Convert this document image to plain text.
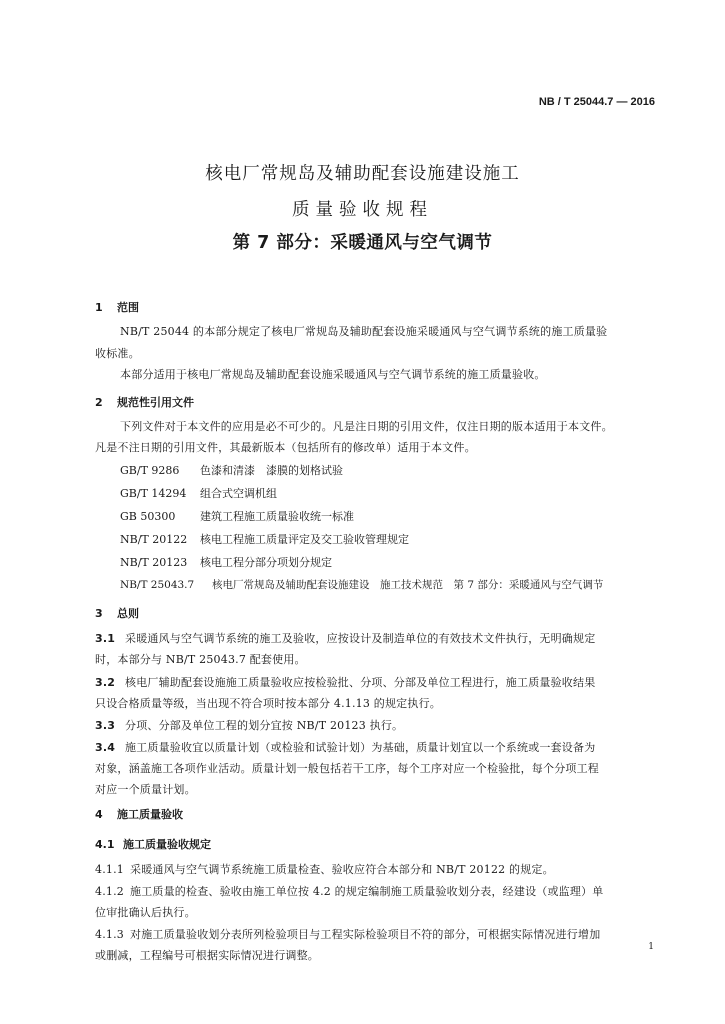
NB / T 25044.7 — 2016
核电厂常规岛及辅助配套设施建设施工
质量验收规程
第 7 部分：采暖通风与空气调节
1 范围
NB/T 25044 的本部分规定了核电厂常规岛及辅助配套设施采暖通风与空气调节系统的施工质量验
收标准。
本部分适用于核电厂常规岛及辅助配套设施采暖通风与空气调节系统的施工质量验收。
2 规范性引用文件
下列文件对于本文件的应用是必不可少的。凡是注日期的引用文件，仅注日期的版本适用于本文件。
凡是不注日期的引用文件，其最新版本（包括所有的修改单）适用于本文件。
GB/T 9286 色漆和清漆　漆膜的划格试验
GB/T 14294 组合式空调机组
GB 50300 建筑工程施工质量验收统一标准
NB/T 20122 核电工程施工质量评定及交工验收管理规定
NB/T 20123 核电工程分部分项划分规定
NB/T 25043.7 核电厂常规岛及辅助配套设施建设　施工技术规范　第 7 部分：采暖通风与空气调节
3 总则
3.1 采暖通风与空气调节系统的施工及验收，应按设计及制造单位的有效技术文件执行，无明确规定
时，本部分与 NB/T 25043.7 配套使用。
3.2 核电厂辅助配套设施施工质量验收应按检验批、分项、分部及单位工程进行，施工质量验收结果
只设合格质量等级，当出现不符合项时按本部分 4.1.13 的规定执行。
3.3 分项、分部及单位工程的划分宜按 NB/T 20123 执行。
3.4 施工质量验收宜以质量计划（或检验和试验计划）为基础，质量计划宜以一个系统或一套设备为
对象，涵盖施工各项作业活动。质量计划一般包括若干工序，每个工序对应一个检验批，每个分项工程
对应一个质量计划。
4 施工质量验收
4.1 施工质量验收规定
4.1.1 采暖通风与空气调节系统施工质量检查、验收应符合本部分和 NB/T 20122 的规定。
4.1.2 施工质量的检查、验收由施工单位按 4.2 的规定编制施工质量验收划分表，经建设（或监理）单
位审批确认后执行。
4.1.3 对施工质量验收划分表所列检验项目与工程实际检验项目不符的部分，可根据实际情况进行增加
或删减，工程编号可根据实际情况进行调整。
1
